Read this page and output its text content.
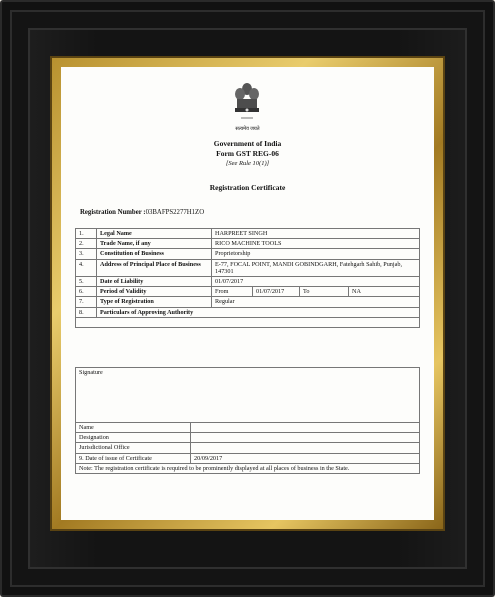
सत्यमेव जयते
Government of India
Form GST REG-06
[See Rule 10(1)]
Registration Certificate
Registration Number :03BAFPS2277H1ZO
1.	Legal Name	HARPREET SINGH			
2.	Trade Name, if any	RICO MACHINE TOOLS			
3.	Constitution of Business	Proprietorship			
4.	Address of Principal Place of Business	E-77, FOCAL POINT, MANDI GOBINDGARH, Fatehgarh Sahib, Punjab, 147301			
5.	Date of Liability	01/07/2017			
6.	Period of Validity	From	01/07/2017	To	NA
7.	Type of Registration	Regular			
8.	Particulars of Approving Authority				

Signature	
Name	
Designation	
Jurisdictional Office	
9. Date of issue of Certificate	20/09/2017
Note: The registration certificate is required to be prominently displayed at all places of business in the State.	
